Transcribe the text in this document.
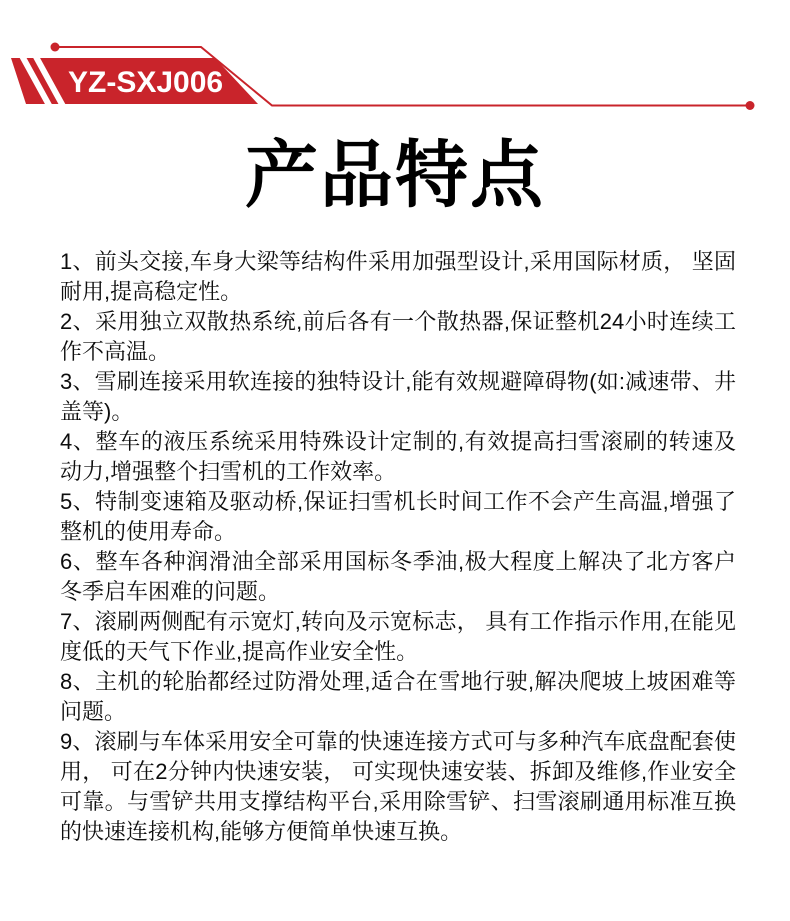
YZ-SXJ006
产品特点

1、前头交接,车身大梁等结构件采用加强型设计,采用国际材质， 坚固耐用,提高稳定性。

2、采用独立双散热系统,前后各有一个散热器,保证整机24小时连续工作不高温。

3、雪刷连接采用软连接的独特设计,能有效规避障碍物(如:减速带、井盖等)。

4、整车的液压系统采用特殊设计定制的,有效提高扫雪滚刷的转速及动力,增强整个扫雪机的工作效率。

5、特制变速箱及驱动桥,保证扫雪机长时间工作不会产生高温,增强了整机的使用寿命。

6、整车各种润滑油全部采用国标冬季油,极大程度上解决了北方客户冬季启车困难的问题。

7、滚刷两侧配有示宽灯,转向及示宽标志， 具有工作指示作用,在能见度低的天气下作业,提高作业安全性。

8、主机的轮胎都经过防滑处理,适合在雪地行驶,解决爬坡上坡困难等问题。

9、滚刷与车体采用安全可靠的快速连接方式可与多种汽车底盘配套使用， 可在2分钟内快速安装， 可实现快速安装、拆卸及维修,作业安全可靠。与雪铲共用支撑结构平台,采用除雪铲、扫雪滚刷通用标准互换的快速连接机构,能够方便简单快速互换。
